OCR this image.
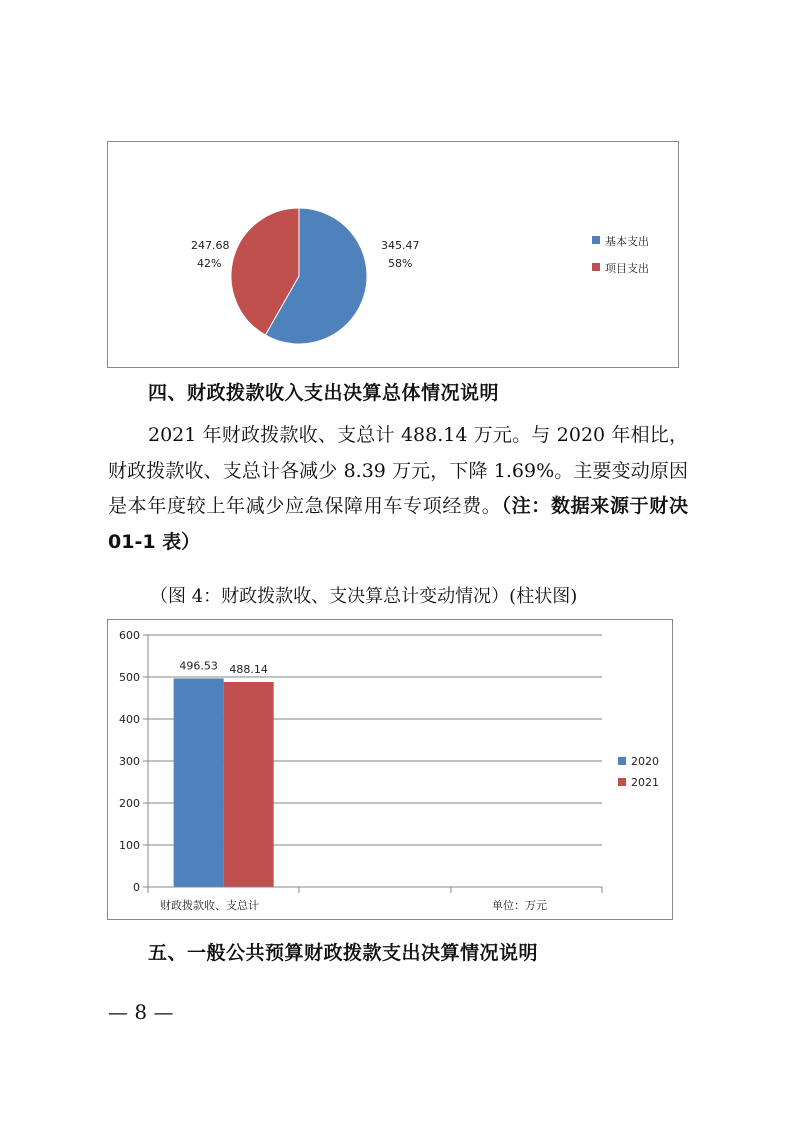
345.47
58%
247.68
42%
基本支出
项目支出
四、财政拨款收入支出决算总体情况说明
2021 年财政拨款收、支总计 488.14 万元。与 2020 年相比，财政拨款收、支总计各减少 8.39 万元，下降 1.69%。主要变动原因是本年度较上年减少应急保障用车专项经费。（注：数据来源于财决 01-1 表）
（图 4：财政拨款收、支决算总计变动情况）(柱状图)
0
100
200
300
400
500
600
496.53 488.14
财政拨款收、支总计	单位：万元
2020
2021
五、一般公共预算财政拨款支出决算情况说明
— 8 —
